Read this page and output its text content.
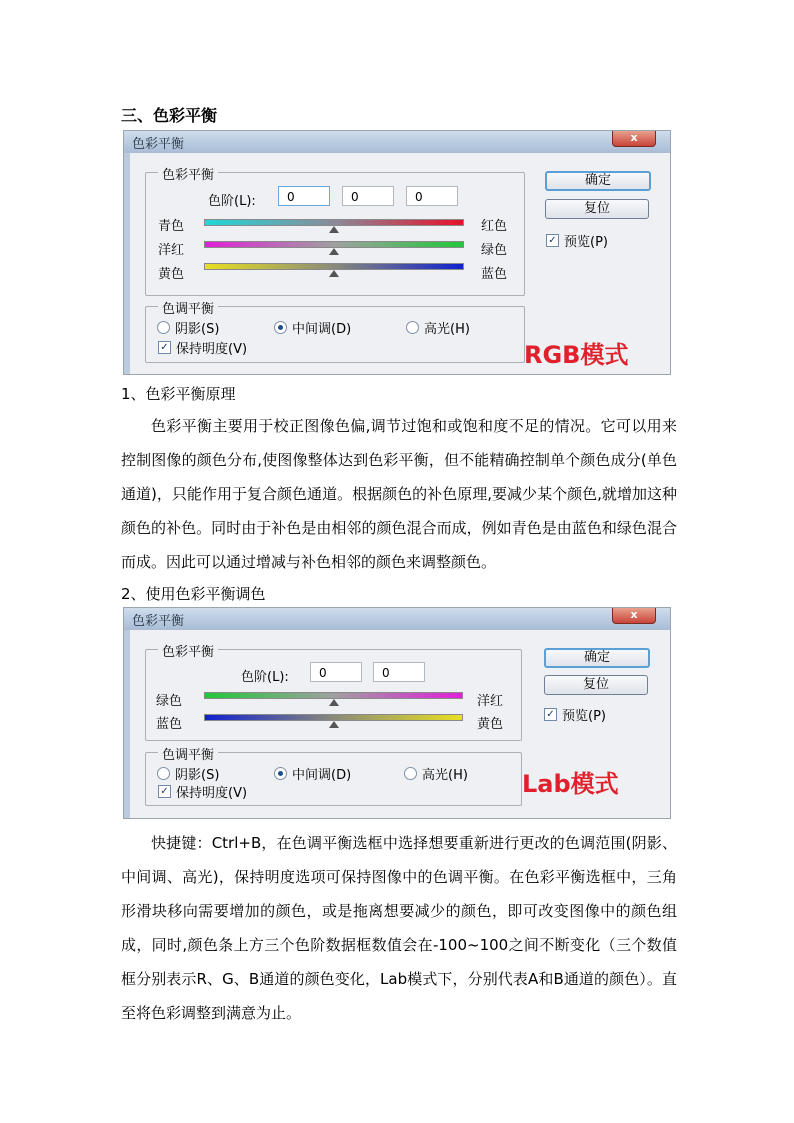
三、色彩平衡
色彩平衡	x
色彩平衡
色阶(L):	0	0	0
青色	红色
洋红	绿色
黄色	蓝色
色调平衡
阴影(S)	中间调(D)	高光(H)
✓ 保持明度(V)
确定
复位
✓ 预览(P)
RGB模式
1、色彩平衡原理
色彩平衡主要用于校正图像色偏,调节过饱和或饱和度不足的情况。它可以用来控制图像的颜色分布,使图像整体达到色彩平衡，但不能精确控制单个颜色成分(单色通道)，只能作用于复合颜色通道。根据颜色的补色原理,要减少某个颜色,就增加这种颜色的补色。同时由于补色是由相邻的颜色混合而成，例如青色是由蓝色和绿色混合而成。因此可以通过增减与补色相邻的颜色来调整颜色。
2、使用色彩平衡调色
色彩平衡	x
色彩平衡
色阶(L):	0	0
绿色	洋红
蓝色	黄色
色调平衡
阴影(S)	中间调(D)	高光(H)
✓ 保持明度(V)
确定
复位
✓ 预览(P)
Lab模式
快捷键：Ctrl+B，在色调平衡选框中选择想要重新进行更改的色调范围(阴影、中间调、高光)，保持明度选项可保持图像中的色调平衡。在色彩平衡选框中，三角形滑块移向需要增加的颜色，或是拖离想要减少的颜色，即可改变图像中的颜色组成，同时,颜色条上方三个色阶数据框数值会在-100~100之间不断变化（三个数值框分别表示R、G、B通道的颜色变化，Lab模式下，分别代表A和B通道的颜色）。直至将色彩调整到满意为止。
